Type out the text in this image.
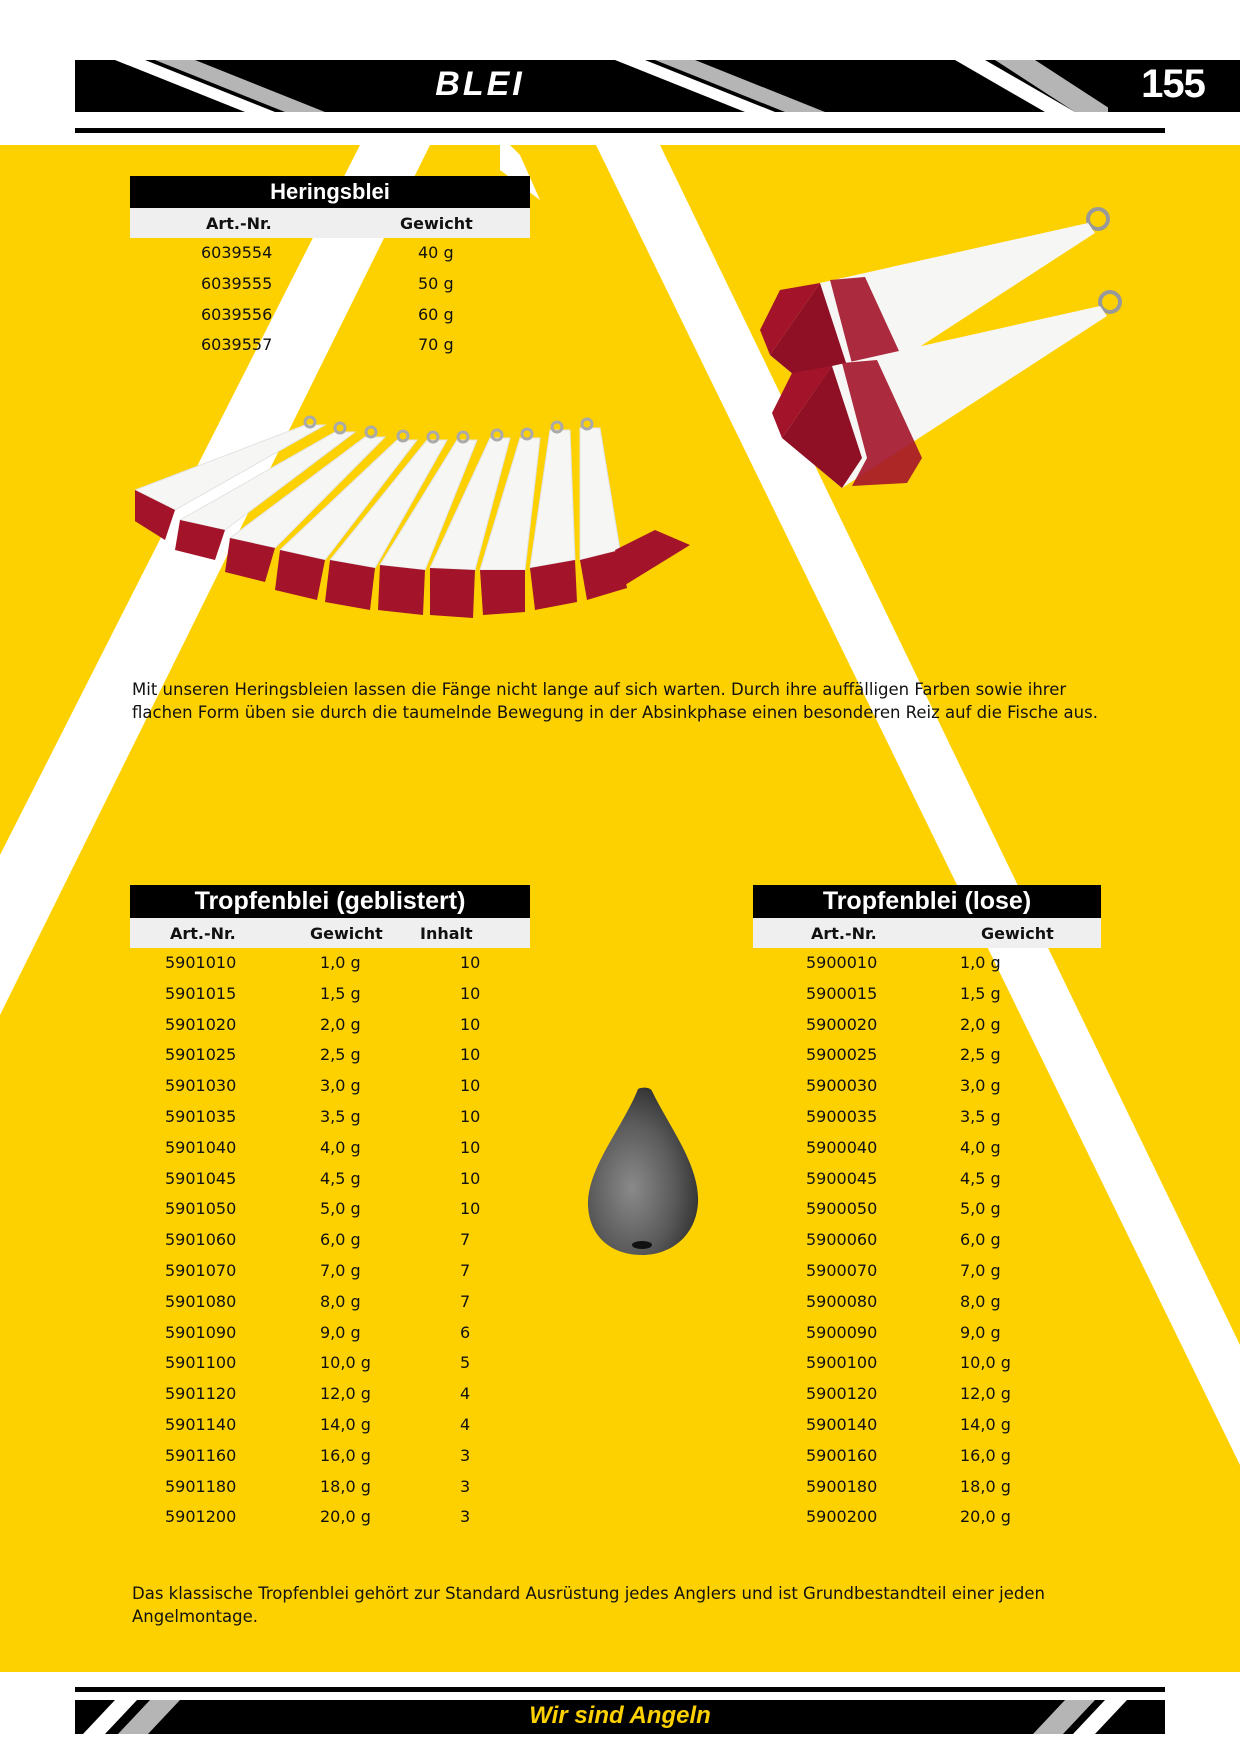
BLEI	155
Heringsblei
Art.-Nr.	Gewicht
6039554	40 g
6039555	50 g
6039556	60 g
6039557	70 g
Mit unseren Heringsbleien lassen die Fänge nicht lange auf sich warten. Durch ihre auffälligen Farben sowie ihrer flachen Form üben sie durch die taumelnde Bewegung in der Absinkphase einen besonderen Reiz auf die Fische aus.
Tropfenblei (geblistert)
Art.-Nr.	Gewicht Inhalt
5901010	1,0 g	10
5901015	1,5 g	10
5901020	2,0 g	10
5901025	2,5 g	10
5901030	3,0 g	10
5901035	3,5 g	10
5901040	4,0 g	10
5901045	4,5 g	10
5901050	5,0 g	10
5901060	6,0 g	7
5901070	7,0 g	7
5901080	8,0 g	7
5901090	9,0 g	6
5901100	10,0 g	5
5901120	12,0 g	4
5901140	14,0 g	4
5901160	16,0 g	3
5901180	18,0 g	3
5901200	20,0 g	3
Tropfenblei (lose)
Art.-Nr.	Gewicht
5900010	1,0 g
5900015	1,5 g
5900020	2,0 g
5900025	2,5 g
5900030	3,0 g
5900035	3,5 g
5900040	4,0 g
5900045	4,5 g
5900050	5,0 g
5900060	6,0 g
5900070	7,0 g
5900080	8,0 g
5900090	9,0 g
5900100	10,0 g
5900120	12,0 g
5900140	14,0 g
5900160	16,0 g
5900180	18,0 g
5900200	20,0 g
Das klassische Tropfenblei gehört zur Standard Ausrüstung jedes Anglers und ist Grundbestandteil einer jeden Angelmontage.
Wir sind Angeln
